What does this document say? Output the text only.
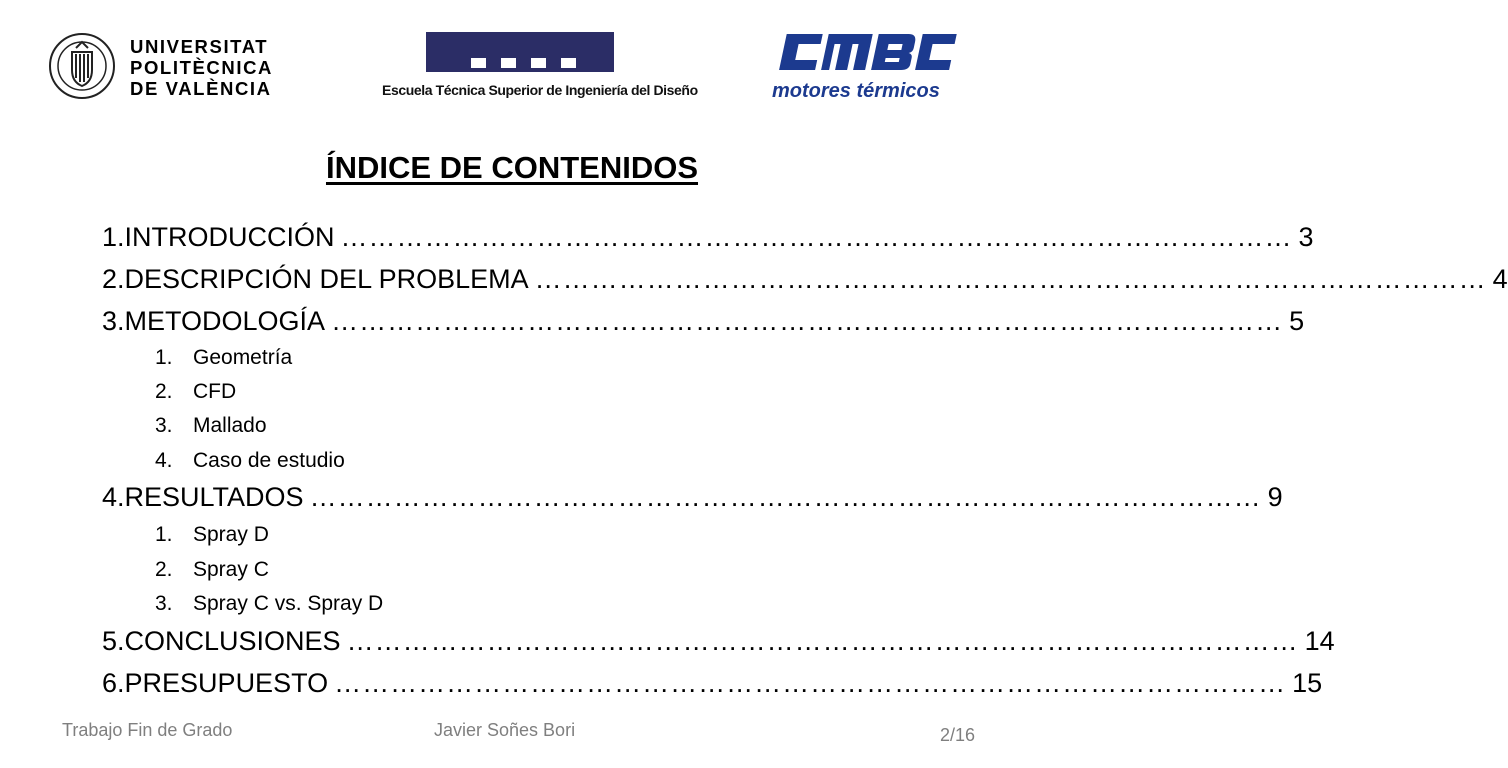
UNIVERSITAT
POLITÈCNICA
DE VALÈNCIA	Escuela Técnica Superior de Ingeniería del Diseño	motores térmicos
ÍNDICE DE CONTENIDOS
1. INTRODUCCIÓN ………………………………………………………………………………………… 3
2. DESCRIPCIÓN DEL PROBLEMA ………………………………………………………………………………………… 4
3. METODOLOGÍA ………………………………………………………………………………………… 5
1. Geometría
2. CFD
3. Mallado
4. Caso de estudio
4. RESULTADOS ………………………………………………………………………………………… 9
1. Spray D
2. Spray C
3. Spray C vs. Spray D
5. CONCLUSIONES ………………………………………………………………………………………… 14
6. PRESUPUESTO ………………………………………………………………………………………… 15
Trabajo Fin de Grado	Javier Soñes Bori	2/16
